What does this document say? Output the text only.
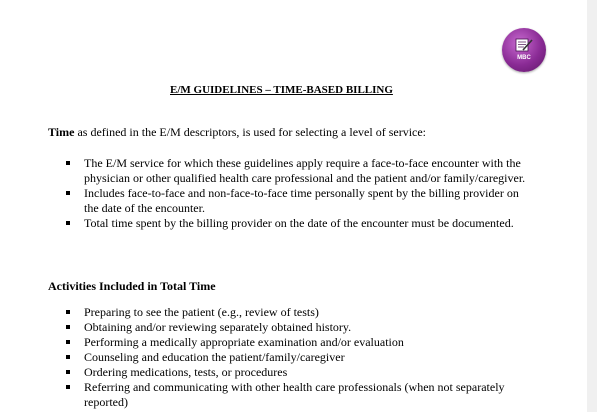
MBC
E/M GUIDELINES – TIME-BASED BILLING
Time as defined in the E/M descriptors, is used for selecting a level of service:
The E/M service for which these guidelines apply require a face-to-face encounter with the physician or other qualified health care professional and the patient and/or family/caregiver.
Includes face-to-face and non-face-to-face time personally spent by the billing provider on the date of the encounter.
Total time spent by the billing provider on the date of the encounter must be documented.
Activities Included in Total Time
Preparing to see the patient (e.g., review of tests)
Obtaining and/or reviewing separately obtained history.
Performing a medically appropriate examination and/or evaluation
Counseling and education the patient/family/caregiver
Ordering medications, tests, or procedures
Referring and communicating with other health care professionals (when not separately reported)
